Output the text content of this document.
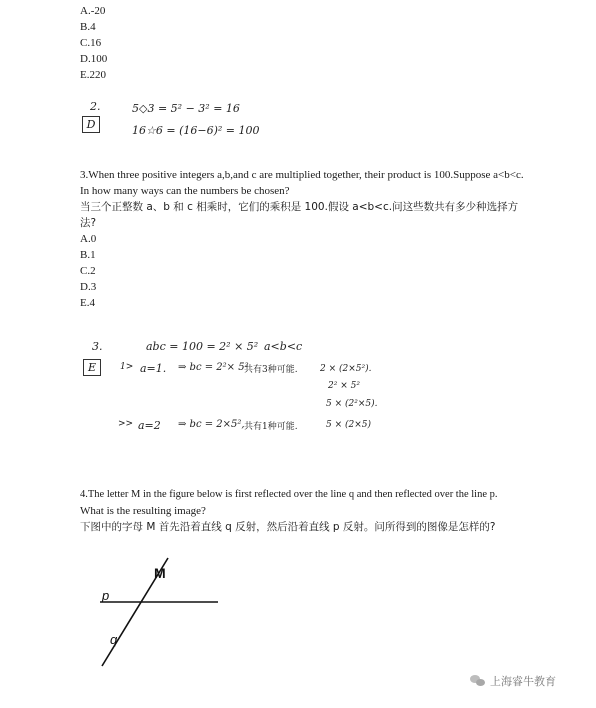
A.-20
B.4
C.16
D.100
E.220
2.
D
5◇3 = 5² − 3² = 16
16☆6 = (16−6)² = 100
3.When three positive integers a,b,and c are multiplied together, their product is 100.Suppose a<b<c.
In how many ways can the numbers be chosen?
当三个正整数 a、b 和 c 相乘时，它们的乘积是 100.假设 a<b<c.问这些数共有多少种选择方
法?
A.0
B.1
C.2
D.3
E.4
3.	abc = 100 = 2² × 5² a<b<c
E	1> a=1. ⇒ bc = 2²× 5²
共有3种可能. 2 × (2×5²).
2² × 5²
5 × (2²×5).
>> a=2 ⇒ bc = 2×5², 共有1种可能.	5 × (2×5)
4.The letter M in the figure below is first reflected over the line q and then reflected over the line p.
What is the resulting image?
下图中的字母 M 首先沿着直线 q 反射，然后沿着直线 p 反射。问所得到的图像是怎样的?
M
p
q
上海睿牛教育
